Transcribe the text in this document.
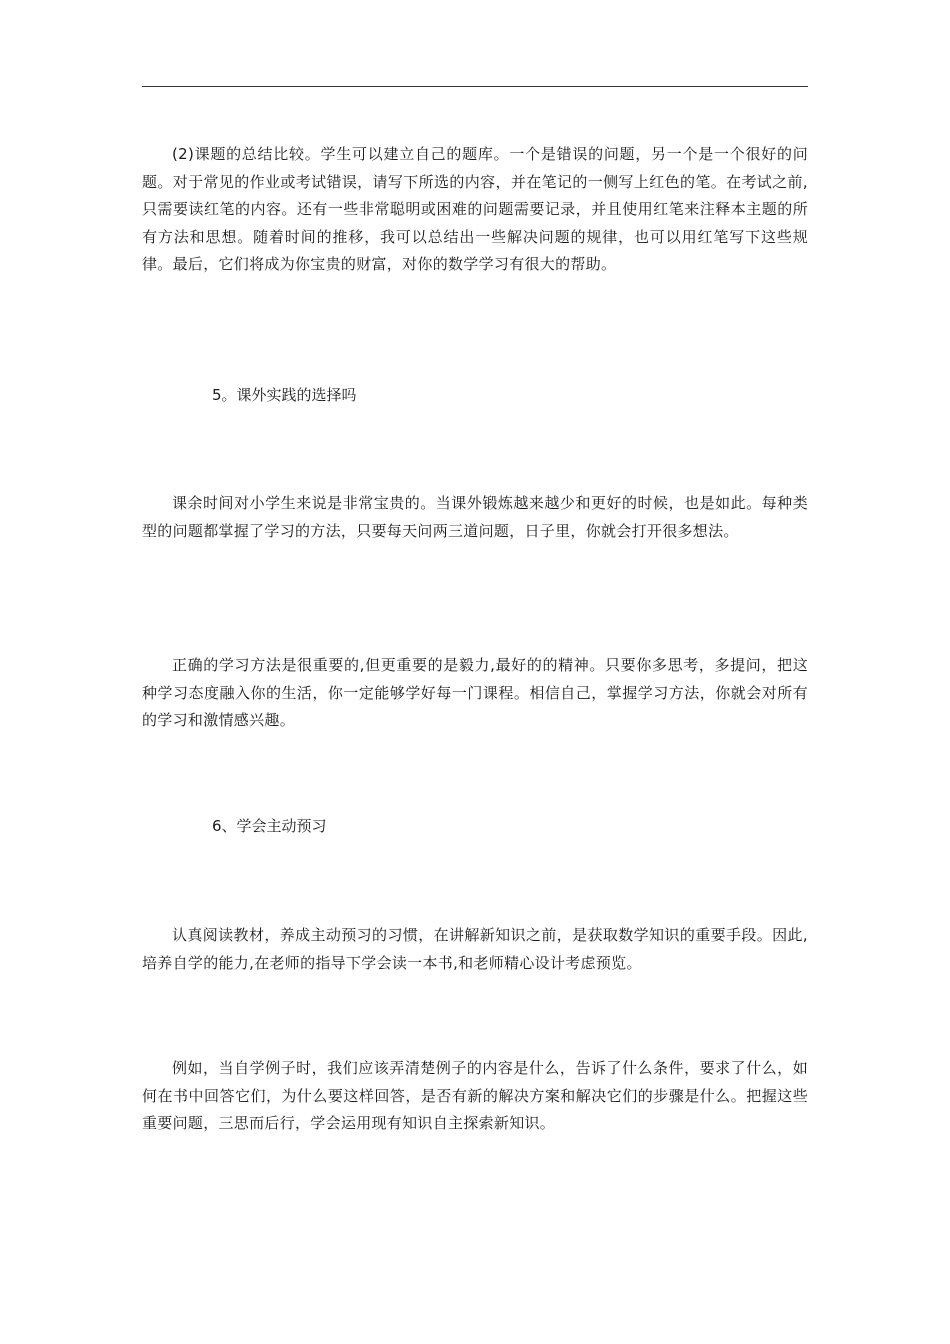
(2)课题的总结比较。学生可以建立自己的题库。一个是错误的问题，另一个是一个很好的问题。对于常见的作业或考试错误，请写下所选的内容，并在笔记的一侧写上红色的笔。在考试之前,只需要读红笔的内容。还有一些非常聪明或困难的问题需要记录，并且使用红笔来注释本主题的所有方法和思想。随着时间的推移，我可以总结出一些解决问题的规律，也可以用红笔写下这些规律。最后，它们将成为你宝贵的财富，对你的数学学习有很大的帮助。

5。课外实践的选择吗

课余时间对小学生来说是非常宝贵的。当课外锻炼越来越少和更好的时候，也是如此。每种类型的问题都掌握了学习的方法，只要每天问两三道问题，日子里，你就会打开很多想法。

正确的学习方法是很重要的,但更重要的是毅力,最好的的精神。只要你多思考，多提问，把这种学习态度融入你的生活，你一定能够学好每一门课程。相信自己，掌握学习方法，你就会对所有的学习和激情感兴趣。

6、学会主动预习

认真阅读教材，养成主动预习的习惯，在讲解新知识之前，是获取数学知识的重要手段。因此,培养自学的能力,在老师的指导下学会读一本书,和老师精心设计考虑预览。

例如，当自学例子时，我们应该弄清楚例子的内容是什么，告诉了什么条件，要求了什么，如何在书中回答它们，为什么要这样回答，是否有新的解决方案和解决它们的步骤是什么。把握这些重要问题，三思而后行，学会运用现有知识自主探索新知识。
